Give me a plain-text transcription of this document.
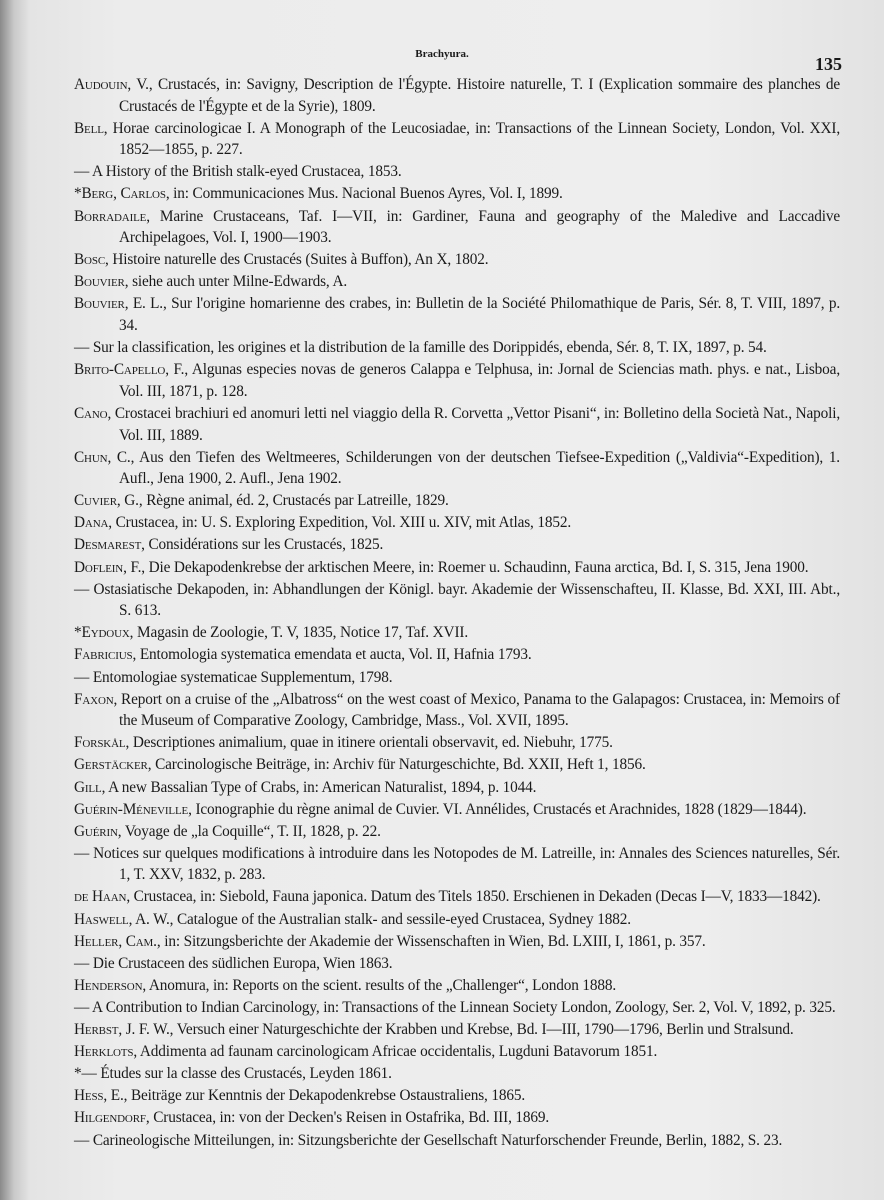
Brachyura.	135

Audouin, V., Crustacés, in: Savigny, Description de l'Égypte. Histoire naturelle, T. I (Explication sommaire des planches de Crustacés de l'Égypte et de la Syrie), 1809.

Bell, Horae carcinologicae I. A Monograph of the Leucosiadae, in: Transactions of the Linnean Society, London, Vol. XXI, 1852—1855, p. 227.

— A History of the British stalk-eyed Crustacea, 1853.

*Berg, Carlos, in: Communicaciones Mus. Nacional Buenos Ayres, Vol. I, 1899.

Borradaile, Marine Crustaceans, Taf. I—VII, in: Gardiner, Fauna and geography of the Maledive and Laccadive Archipelagoes, Vol. I, 1900—1903.

Bosc, Histoire naturelle des Crustacés (Suites à Buffon), An X, 1802.

Bouvier, siehe auch unter Milne-Edwards, A.

Bouvier, E. L., Sur l'origine homarienne des crabes, in: Bulletin de la Société Philomathique de Paris, Sér. 8, T. VIII, 1897, p. 34.

— Sur la classification, les origines et la distribution de la famille des Dorippidés, ebenda, Sér. 8, T. IX, 1897, p. 54.

Brito-Capello, F., Algunas especies novas de generos Calappa e Telphusa, in: Jornal de Sciencias math. phys. e nat., Lisboa, Vol. III, 1871, p. 128.

Cano, Crostacei brachiuri ed anomuri letti nel viaggio della R. Corvetta „Vettor Pisani“, in: Bolletino della Società Nat., Napoli, Vol. III, 1889.

Chun, C., Aus den Tiefen des Weltmeeres, Schilderungen von der deutschen Tiefsee-Expedition („Valdivia“-Expedition), 1. Aufl., Jena 1900, 2. Aufl., Jena 1902.

Cuvier, G., Règne animal, éd. 2, Crustacés par Latreille, 1829.

Dana, Crustacea, in: U. S. Exploring Expedition, Vol. XIII u. XIV, mit Atlas, 1852.

Desmarest, Considérations sur les Crustacés, 1825.

Doflein, F., Die Dekapodenkrebse der arktischen Meere, in: Roemer u. Schaudinn, Fauna arctica, Bd. I, S. 315, Jena 1900.

— Ostasiatische Dekapoden, in: Abhandlungen der Königl. bayr. Akademie der Wissenschafteu, II. Klasse, Bd. XXI, III. Abt., S. 613.

*Eydoux, Magasin de Zoologie, T. V, 1835, Notice 17, Taf. XVII.

Fabricius, Entomologia systematica emendata et aucta, Vol. II, Hafnia 1793.

— Entomologiae systematicae Supplementum, 1798.

Faxon, Report on a cruise of the „Albatross“ on the west coast of Mexico, Panama to the Galapagos: Crustacea, in: Memoirs of the Museum of Comparative Zoology, Cambridge, Mass., Vol. XVII, 1895.

Forskål, Descriptiones animalium, quae in itinere orientali observavit, ed. Niebuhr, 1775.

Gerstäcker, Carcinologische Beiträge, in: Archiv für Naturgeschichte, Bd. XXII, Heft 1, 1856.

Gill, A new Bassalian Type of Crabs, in: American Naturalist, 1894, p. 1044.

Guérin-Méneville, Iconographie du règne animal de Cuvier. VI. Annélides, Crustacés et Arachnides, 1828 (1829—1844).

Guérin, Voyage de „la Coquille“, T. II, 1828, p. 22.

— Notices sur quelques modifications à introduire dans les Notopodes de M. Latreille, in: Annales des Sciences naturelles, Sér. 1, T. XXV, 1832, p. 283.

de Haan, Crustacea, in: Siebold, Fauna japonica. Datum des Titels 1850. Erschienen in Dekaden (Decas I—V, 1833—1842).

Haswell, A. W., Catalogue of the Australian stalk- and sessile-eyed Crustacea, Sydney 1882.

Heller, Cam., in: Sitzungsberichte der Akademie der Wissenschaften in Wien, Bd. LXIII, I, 1861, p. 357.

— Die Crustaceen des südlichen Europa, Wien 1863.

Henderson, Anomura, in: Reports on the scient. results of the „Challenger“, London 1888.

— A Contribution to Indian Carcinology, in: Transactions of the Linnean Society London, Zoology, Ser. 2, Vol. V, 1892, p. 325.

Herbst, J. F. W., Versuch einer Naturgeschichte der Krabben und Krebse, Bd. I—III, 1790—1796, Berlin und Stralsund.

Herklots, Addimenta ad faunam carcinologicam Africae occidentalis, Lugduni Batavorum 1851.

*— Études sur la classe des Crustacés, Leyden 1861.

Hess, E., Beiträge zur Kenntnis der Dekapodenkrebse Ostaustraliens, 1865.

Hilgendorf, Crustacea, in: von der Decken's Reisen in Ostafrika, Bd. III, 1869.

— Carineologische Mitteilungen, in: Sitzungsberichte der Gesellschaft Naturforschender Freunde, Berlin, 1882, S. 23.
